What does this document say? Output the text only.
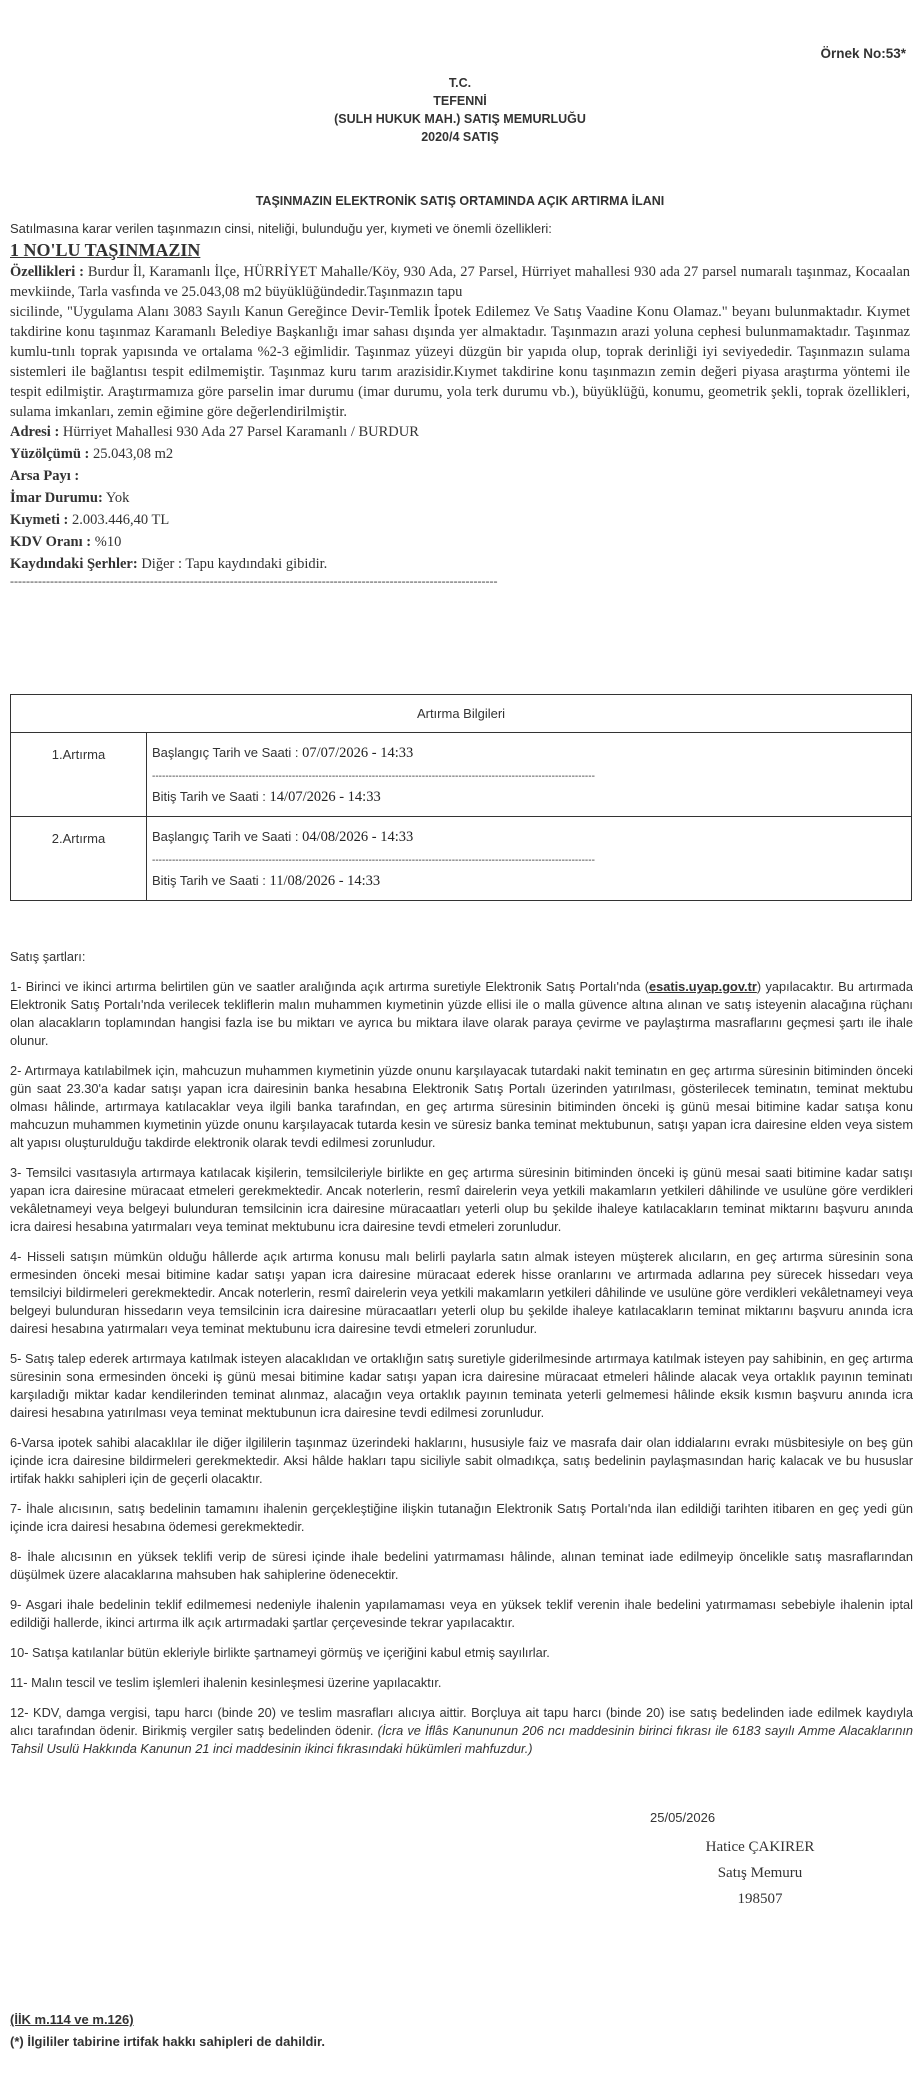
Örnek No:53*
T.C.
TEFENNİ
(SULH HUKUK MAH.) SATIŞ MEMURLUĞU
2020/4 SATIŞ
TAŞINMAZIN ELEKTRONİK SATIŞ ORTAMINDA AÇIK ARTIRMA İLANI
Satılmasına karar verilen taşınmazın cinsi, niteliği, bulunduğu yer, kıymeti ve önemli özellikleri:
1 NO'LU TAŞINMAZIN
Özellikleri : Burdur İl, Karamanlı İlçe, HÜRRİYET Mahalle/Köy, 930 Ada, 27 Parsel, Hürriyet mahallesi 930 ada 27 parsel numaralı taşınmaz, Kocaalan mevkiinde, Tarla vasfında ve 25.043,08 m2 büyüklüğündedir.Taşınmazın tapu
sicilinde, "Uygulama Alanı 3083 Sayılı Kanun Gereğince Devir-Temlik İpotek Edilemez Ve Satış Vaadine Konu Olamaz." beyanı bulunmaktadır. Kıymet takdirine konu taşınmaz Karamanlı Belediye Başkanlığı imar sahası dışında yer almaktadır. Taşınmazın arazi yoluna cephesi bulunmamaktadır. Taşınmaz kumlu-tınlı toprak yapısında ve ortalama %2-3 eğimlidir. Taşınmaz yüzeyi düzgün bir yapıda olup, toprak derinliği iyi seviyededir. Taşınmazın sulama sistemleri ile bağlantısı tespit edilmemiştir. Taşınmaz kuru tarım arazisidir.Kıymet takdirine konu taşınmazın zemin değeri piyasa araştırma yöntemi ile tespit edilmiştir. Araştırmamıza göre parselin imar durumu (imar durumu, yola terk durumu vb.), büyüklüğü, konumu, geometrik şekli, toprak özellikleri, sulama imkanları, zemin eğimine göre değerlendirilmiştir.
Adresi : Hürriyet Mahallesi 930 Ada 27 Parsel Karamanlı / BURDUR
Yüzölçümü : 25.043,08 m2
Arsa Payı :
İmar Durumu: Yok
Kıymeti : 2.003.446,40 TL
KDV Oranı : %10
Kaydındaki Şerhler: Diğer : Tapu kaydındaki gibidir.
--------------------------------------------------------------------------------------------------------------------------
Artırma Bilgileri	
1.Artırma	Başlangıç Tarih ve Saati : 07/07/2026 - 14:33
-------------------------------------------------------------------------------------------------------------------------------------
Bitiş Tarih ve Saati : 14/07/2026 - 14:33

2.Artırma	Başlangıç Tarih ve Saati : 04/08/2026 - 14:33
-------------------------------------------------------------------------------------------------------------------------------------
Bitiş Tarih ve Saati : 11/08/2026 - 14:33

Satış şartları:

1- Birinci ve ikinci artırma belirtilen gün ve saatler aralığında açık artırma suretiyle Elektronik Satış Portalı'nda (esatis.uyap.gov.tr) yapılacaktır. Bu artırmada Elektronik Satış Portalı'nda verilecek tekliflerin malın muhammen kıymetinin yüzde ellisi ile o malla güvence altına alınan ve satış isteyenin alacağına rüçhanı olan alacakların toplamından hangisi fazla ise bu miktarı ve ayrıca bu miktara ilave olarak paraya çevirme ve paylaştırma masraflarını geçmesi şartı ile ihale olunur.

2- Artırmaya katılabilmek için, mahcuzun muhammen kıymetinin yüzde onunu karşılayacak tutardaki nakit teminatın en geç artırma süresinin bitiminden önceki gün saat 23.30'a kadar satışı yapan icra dairesinin banka hesabına Elektronik Satış Portalı üzerinden yatırılması, gösterilecek teminatın, teminat mektubu olması hâlinde, artırmaya katılacaklar veya ilgili banka tarafından, en geç artırma süresinin bitiminden önceki iş günü mesai bitimine kadar satışa konu mahcuzun muhammen kıymetinin yüzde onunu karşılayacak tutarda kesin ve süresiz banka teminat mektubunun, satışı yapan icra dairesine elden veya sistem alt yapısı oluşturulduğu takdirde elektronik olarak tevdi edilmesi zorunludur.

3- Temsilci vasıtasıyla artırmaya katılacak kişilerin, temsilcileriyle birlikte en geç artırma süresinin bitiminden önceki iş günü mesai saati bitimine kadar satışı yapan icra dairesine müracaat etmeleri gerekmektedir. Ancak noterlerin, resmî dairelerin veya yetkili makamların yetkileri dâhilinde ve usulüne göre verdikleri vekâletnameyi veya belgeyi bulunduran temsilcinin icra dairesine müracaatları yeterli olup bu şekilde ihaleye katılacakların teminat miktarını başvuru anında icra dairesi hesabına yatırmaları veya teminat mektubunu icra dairesine tevdi etmeleri zorunludur.

4- Hisseli satışın mümkün olduğu hâllerde açık artırma konusu malı belirli paylarla satın almak isteyen müşterek alıcıların, en geç artırma süresinin sona ermesinden önceki mesai bitimine kadar satışı yapan icra dairesine müracaat ederek hisse oranlarını ve artırmada adlarına pey sürecek hissedarı veya temsilciyi bildirmeleri gerekmektedir. Ancak noterlerin, resmî dairelerin veya yetkili makamların yetkileri dâhilinde ve usulüne göre verdikleri vekâletnameyi veya belgeyi bulunduran hissedarın veya temsilcinin icra dairesine müracaatları yeterli olup bu şekilde ihaleye katılacakların teminat miktarını başvuru anında icra dairesi hesabına yatırmaları veya teminat mektubunu icra dairesine tevdi etmeleri zorunludur.

5- Satış talep ederek artırmaya katılmak isteyen alacaklıdan ve ortaklığın satış suretiyle giderilmesinde artırmaya katılmak isteyen pay sahibinin, en geç artırma süresinin sona ermesinden önceki iş günü mesai bitimine kadar satışı yapan icra dairesine müracaat etmeleri hâlinde alacak veya ortaklık payının teminatı karşıladığı miktar kadar kendilerinden teminat alınmaz, alacağın veya ortaklık payının teminata yeterli gelmemesi hâlinde eksik kısmın başvuru anında icra dairesi hesabına yatırılması veya teminat mektubunun icra dairesine tevdi edilmesi zorunludur.

6-Varsa ipotek sahibi alacaklılar ile diğer ilgililerin taşınmaz üzerindeki haklarını, hususiyle faiz ve masrafa dair olan iddialarını evrakı müsbitesiyle on beş gün içinde icra dairesine bildirmeleri gerekmektedir. Aksi hâlde hakları tapu siciliyle sabit olmadıkça, satış bedelinin paylaşmasından hariç kalacak ve bu hususlar irtifak hakkı sahipleri için de geçerli olacaktır.

7- İhale alıcısının, satış bedelinin tamamını ihalenin gerçekleştiğine ilişkin tutanağın Elektronik Satış Portalı'nda ilan edildiği tarihten itibaren en geç yedi gün içinde icra dairesi hesabına ödemesi gerekmektedir.

8- İhale alıcısının en yüksek teklifi verip de süresi içinde ihale bedelini yatırmaması hâlinde, alınan teminat iade edilmeyip öncelikle satış masraflarından düşülmek üzere alacaklarına mahsuben hak sahiplerine ödenecektir.

9- Asgari ihale bedelinin teklif edilmemesi nedeniyle ihalenin yapılamaması veya en yüksek teklif verenin ihale bedelini yatırmaması sebebiyle ihalenin iptal edildiği hallerde, ikinci artırma ilk açık artırmadaki şartlar çerçevesinde tekrar yapılacaktır.

10- Satışa katılanlar bütün ekleriyle birlikte şartnameyi görmüş ve içeriğini kabul etmiş sayılırlar.

11- Malın tescil ve teslim işlemleri ihalenin kesinleşmesi üzerine yapılacaktır.

12- KDV, damga vergisi, tapu harcı (binde 20) ve teslim masrafları alıcıya aittir. Borçluya ait tapu harcı (binde 20) ise satış bedelinden iade edilmek kaydıyla alıcı tarafından ödenir. Birikmiş vergiler satış bedelinden ödenir. (İcra ve İflâs Kanununun 206 ncı maddesinin birinci fıkrası ile 6183 sayılı Amme Alacaklarının Tahsil Usulü Hakkında Kanunun 21 inci maddesinin ikinci fıkrasındaki hükümleri mahfuzdur.)

25/05/2026
Hatice ÇAKIRER
Satış Memuru
198507
(İİK m.114 ve m.126)
(*) İlgililer tabirine irtifak hakkı sahipleri de dahildir.
